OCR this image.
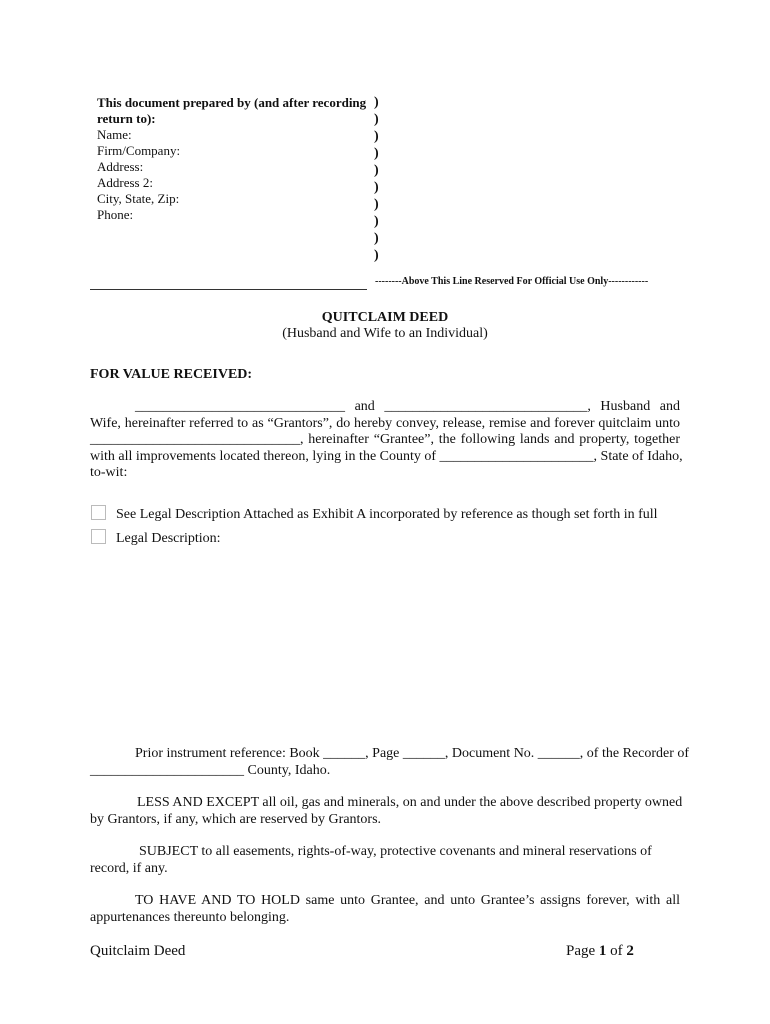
This document prepared by (and after recording
return to):
Name:
Firm/Company:
Address:
Address 2:
City, State, Zip:
Phone:
)
)
)
)
)
)
)
)
)
)
--------Above This Line Reserved For Official Use Only------------
QUITCLAIM DEED
(Husband and Wife to an Individual)
FOR VALUE RECEIVED:
______________________________ and _____________________________, Husband and
Wife, hereinafter referred to as “Grantors”, do hereby convey, release, remise and forever quitclaim unto
______________________________, hereinafter “Grantee”, the following lands and property, together
with all improvements located thereon, lying in the County of ______________________, State of Idaho,
to-wit:
See Legal Description Attached as Exhibit A incorporated by reference as though set forth in full
Legal Description:
Prior instrument reference: Book ______, Page ______, Document No. ______, of the Recorder of
______________________ County, Idaho.
LESS AND EXCEPT all oil, gas and minerals, on and under the above described property owned
by Grantors, if any, which are reserved by Grantors.
SUBJECT to all easements, rights-of-way, protective covenants and mineral reservations of
record, if any.
TO HAVE AND TO HOLD same unto Grantee, and unto Grantee’s assigns forever, with all
appurtenances thereunto belonging.
Quitclaim Deed	Page 1 of 2
